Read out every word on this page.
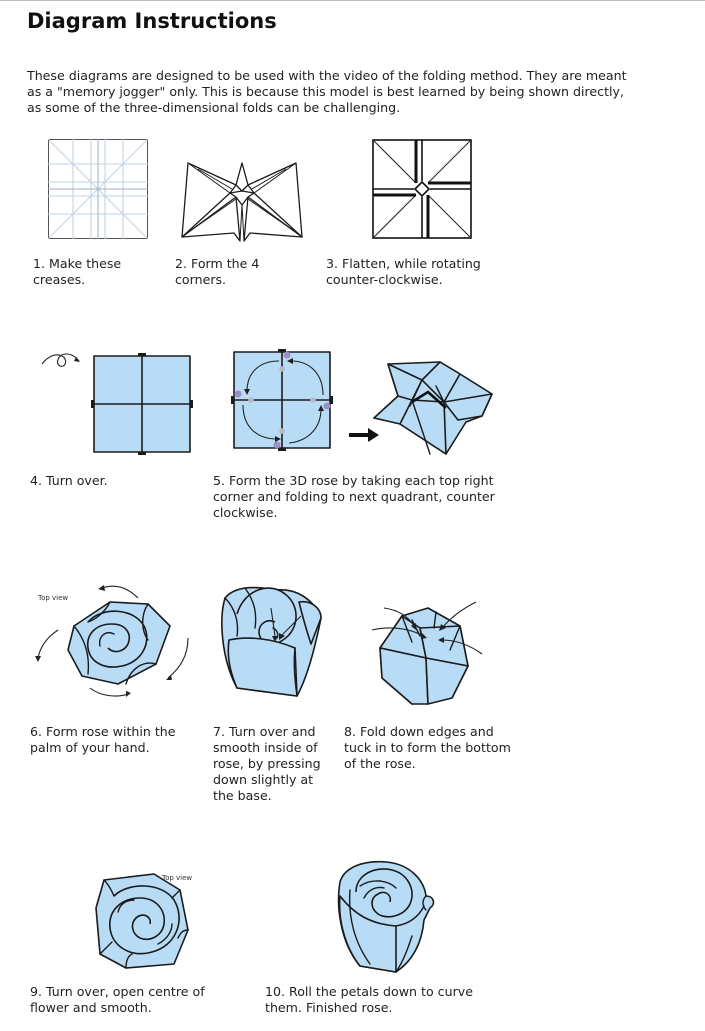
Diagram Instructions

These diagrams are designed to be used with the video of the folding method. They are meant as a "memory jogger" only. This is because this model is best learned by being shown directly, as some of the three-dimensional folds can be challenging.

1. Make these creases.

2. Form the 4 corners.

3. Flatten, while rotating counter-clockwise.

4. Turn over.	5. Form the 3D rose by taking each top right corner and folding to next quadrant, counter clockwise.

Top view

6. Form rose within the palm of your hand.

7. Turn over and smooth inside of rose, by pressing down slightly at the base.

8. Fold down edges and tuck in to form the bottom of the rose.

Top view

9. Turn over, open centre of flower and smooth.

10. Roll the petals down to curve them. Finished rose.
